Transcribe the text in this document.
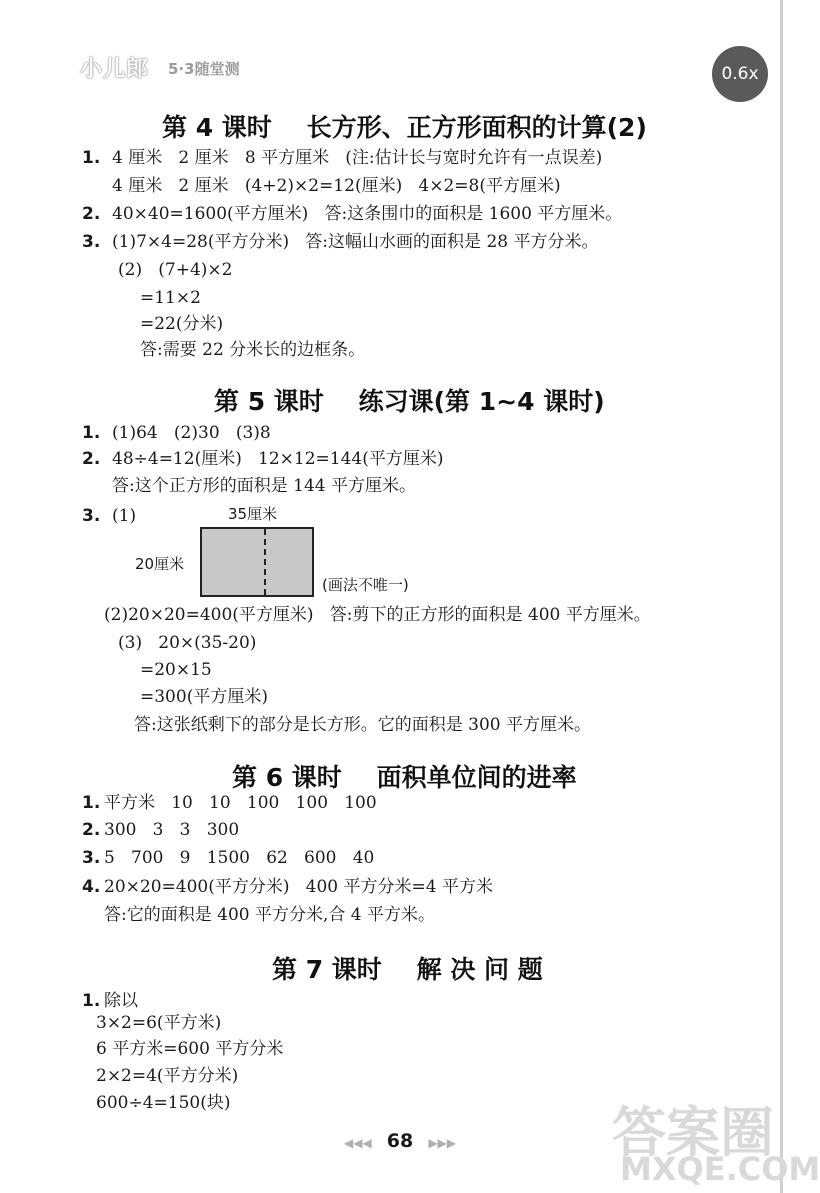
小儿郎 5·3随堂测	0.6x
第 4 课时    长方形、正方形面积的计算(2)
1. 4 厘米   2 厘米   8 平方厘米   (注:估计长与宽时允许有一点误差)
4 厘米   2 厘米   (4+2)×2=12(厘米)   4×2=8(平方厘米)
2. 40×40=1600(平方厘米)   答:这条围巾的面积是 1600 平方厘米。
3. (1)7×4=28(平方分米)   答:这幅山水画的面积是 28 平方分米。
(2)   (7+4)×2
=11×2
=22(分米)
答:需要 22 分米长的边框条。
第 5 课时    练习课(第 1~4 课时)
1. (1)64   (2)30   (3)8
2. 48÷4=12(厘米)   12×12=144(平方厘米)
答:这个正方形的面积是 144 平方厘米。
3. (1)	35厘米
20厘米
(画法不唯一)
(2)20×20=400(平方厘米)   答:剪下的正方形的面积是 400 平方厘米。
(3)   20×(35-20)
=20×15
=300(平方厘米)
答:这张纸剩下的部分是长方形。它的面积是 300 平方厘米。
第 6 课时    面积单位间的进率
1. 平方米   10   10   100   100   100
2. 300   3   3   300
3. 5   700   9   1500   62   600   40
4. 20×20=400(平方分米)   400 平方分米=4 平方米
答:它的面积是 400 平方分米,合 4 平方米。
第 7 课时    解 决 问 题
1. 除以
3×2=6(平方米)
6 平方米=600 平方分米
2×2=4(平方分米)
600÷4=150(块)	答案圈
MXQE.COM
◀◀◀ 68 ▶▶▶
